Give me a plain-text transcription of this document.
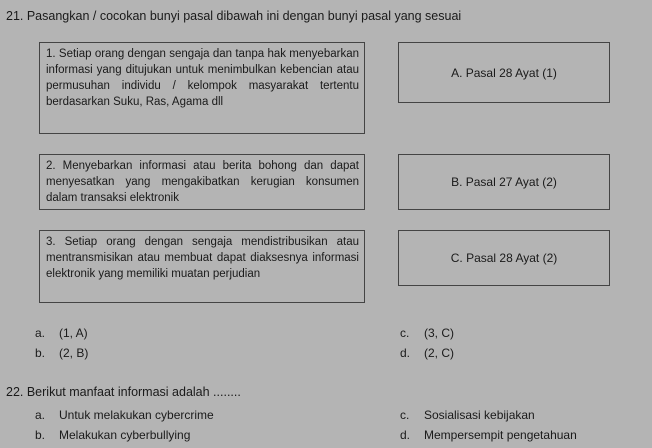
21. Pasangkan / cocokan bunyi pasal dibawah ini dengan bunyi pasal yang sesuai
1. Setiap orang dengan sengaja dan tanpa hak menyebarkan informasi yang ditujukan untuk menimbulkan kebencian atau permusuhan individu / kelompok masyarakat tertentu berdasarkan Suku, Ras, Agama dll
2. Menyebarkan informasi atau berita bohong dan dapat menyesatkan yang mengakibatkan kerugian konsumen dalam transaksi elektronik
3. Setiap orang dengan sengaja mendistribusikan atau mentransmisikan atau membuat dapat diaksesnya informasi elektronik yang memiliki muatan perjudian
A. Pasal 28 Ayat (1)
B. Pasal 27 Ayat (2)
C. Pasal 28 Ayat (2)
a. (1, A)
b. (2, B)
c. (3, C)
d. (2, C)
22. Berikut manfaat informasi adalah ........
a. Untuk melakukan cybercrime
b. Melakukan cyberbullying
c. Sosialisasi kebijakan
d. Mempersempit pengetahuan
